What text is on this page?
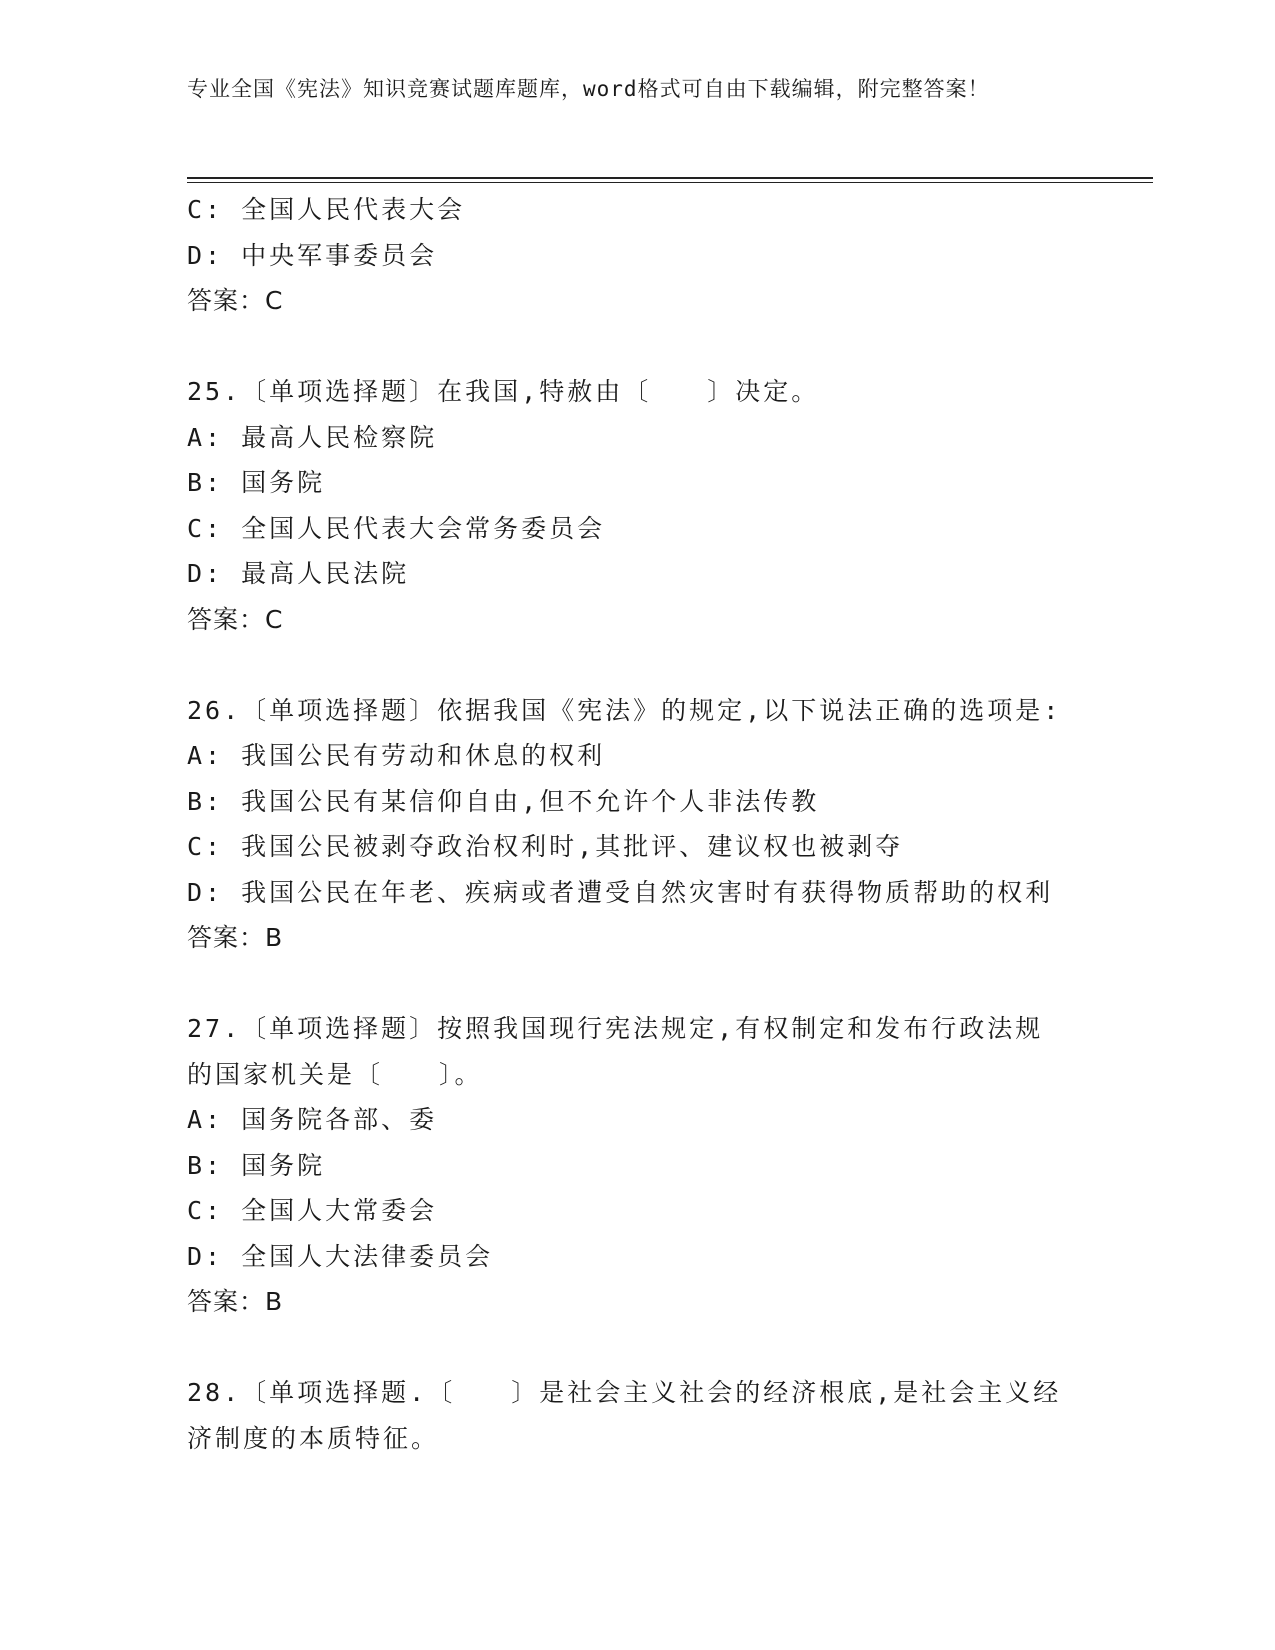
专业全国《宪法》知识竞赛试题库题库，word格式可自由下载编辑，附完整答案！
C: 全国人民代表大会
D: 中央军事委员会
答案：C
25.〔单项选择题〕在我国,特赦由〔　　〕决定。
A: 最高人民检察院
B: 国务院
C: 全国人民代表大会常务委员会
D: 最高人民法院
答案：C
26.〔单项选择题〕依据我国《宪法》的规定,以下说法正确的选项是:
A: 我国公民有劳动和休息的权利
B: 我国公民有某信仰自由,但不允许个人非法传教
C: 我国公民被剥夺政治权利时,其批评、建议权也被剥夺
D: 我国公民在年老、疾病或者遭受自然灾害时有获得物质帮助的权利
答案：B
27.〔单项选择题〕按照我国现行宪法规定,有权制定和发布行政法规
的国家机关是〔　　〕。
A: 国务院各部、委
B: 国务院
C: 全国人大常委会
D: 全国人大法律委员会
答案：B
28.〔单项选择题.〔　　〕是社会主义社会的经济根底,是社会主义经
济制度的本质特征。
